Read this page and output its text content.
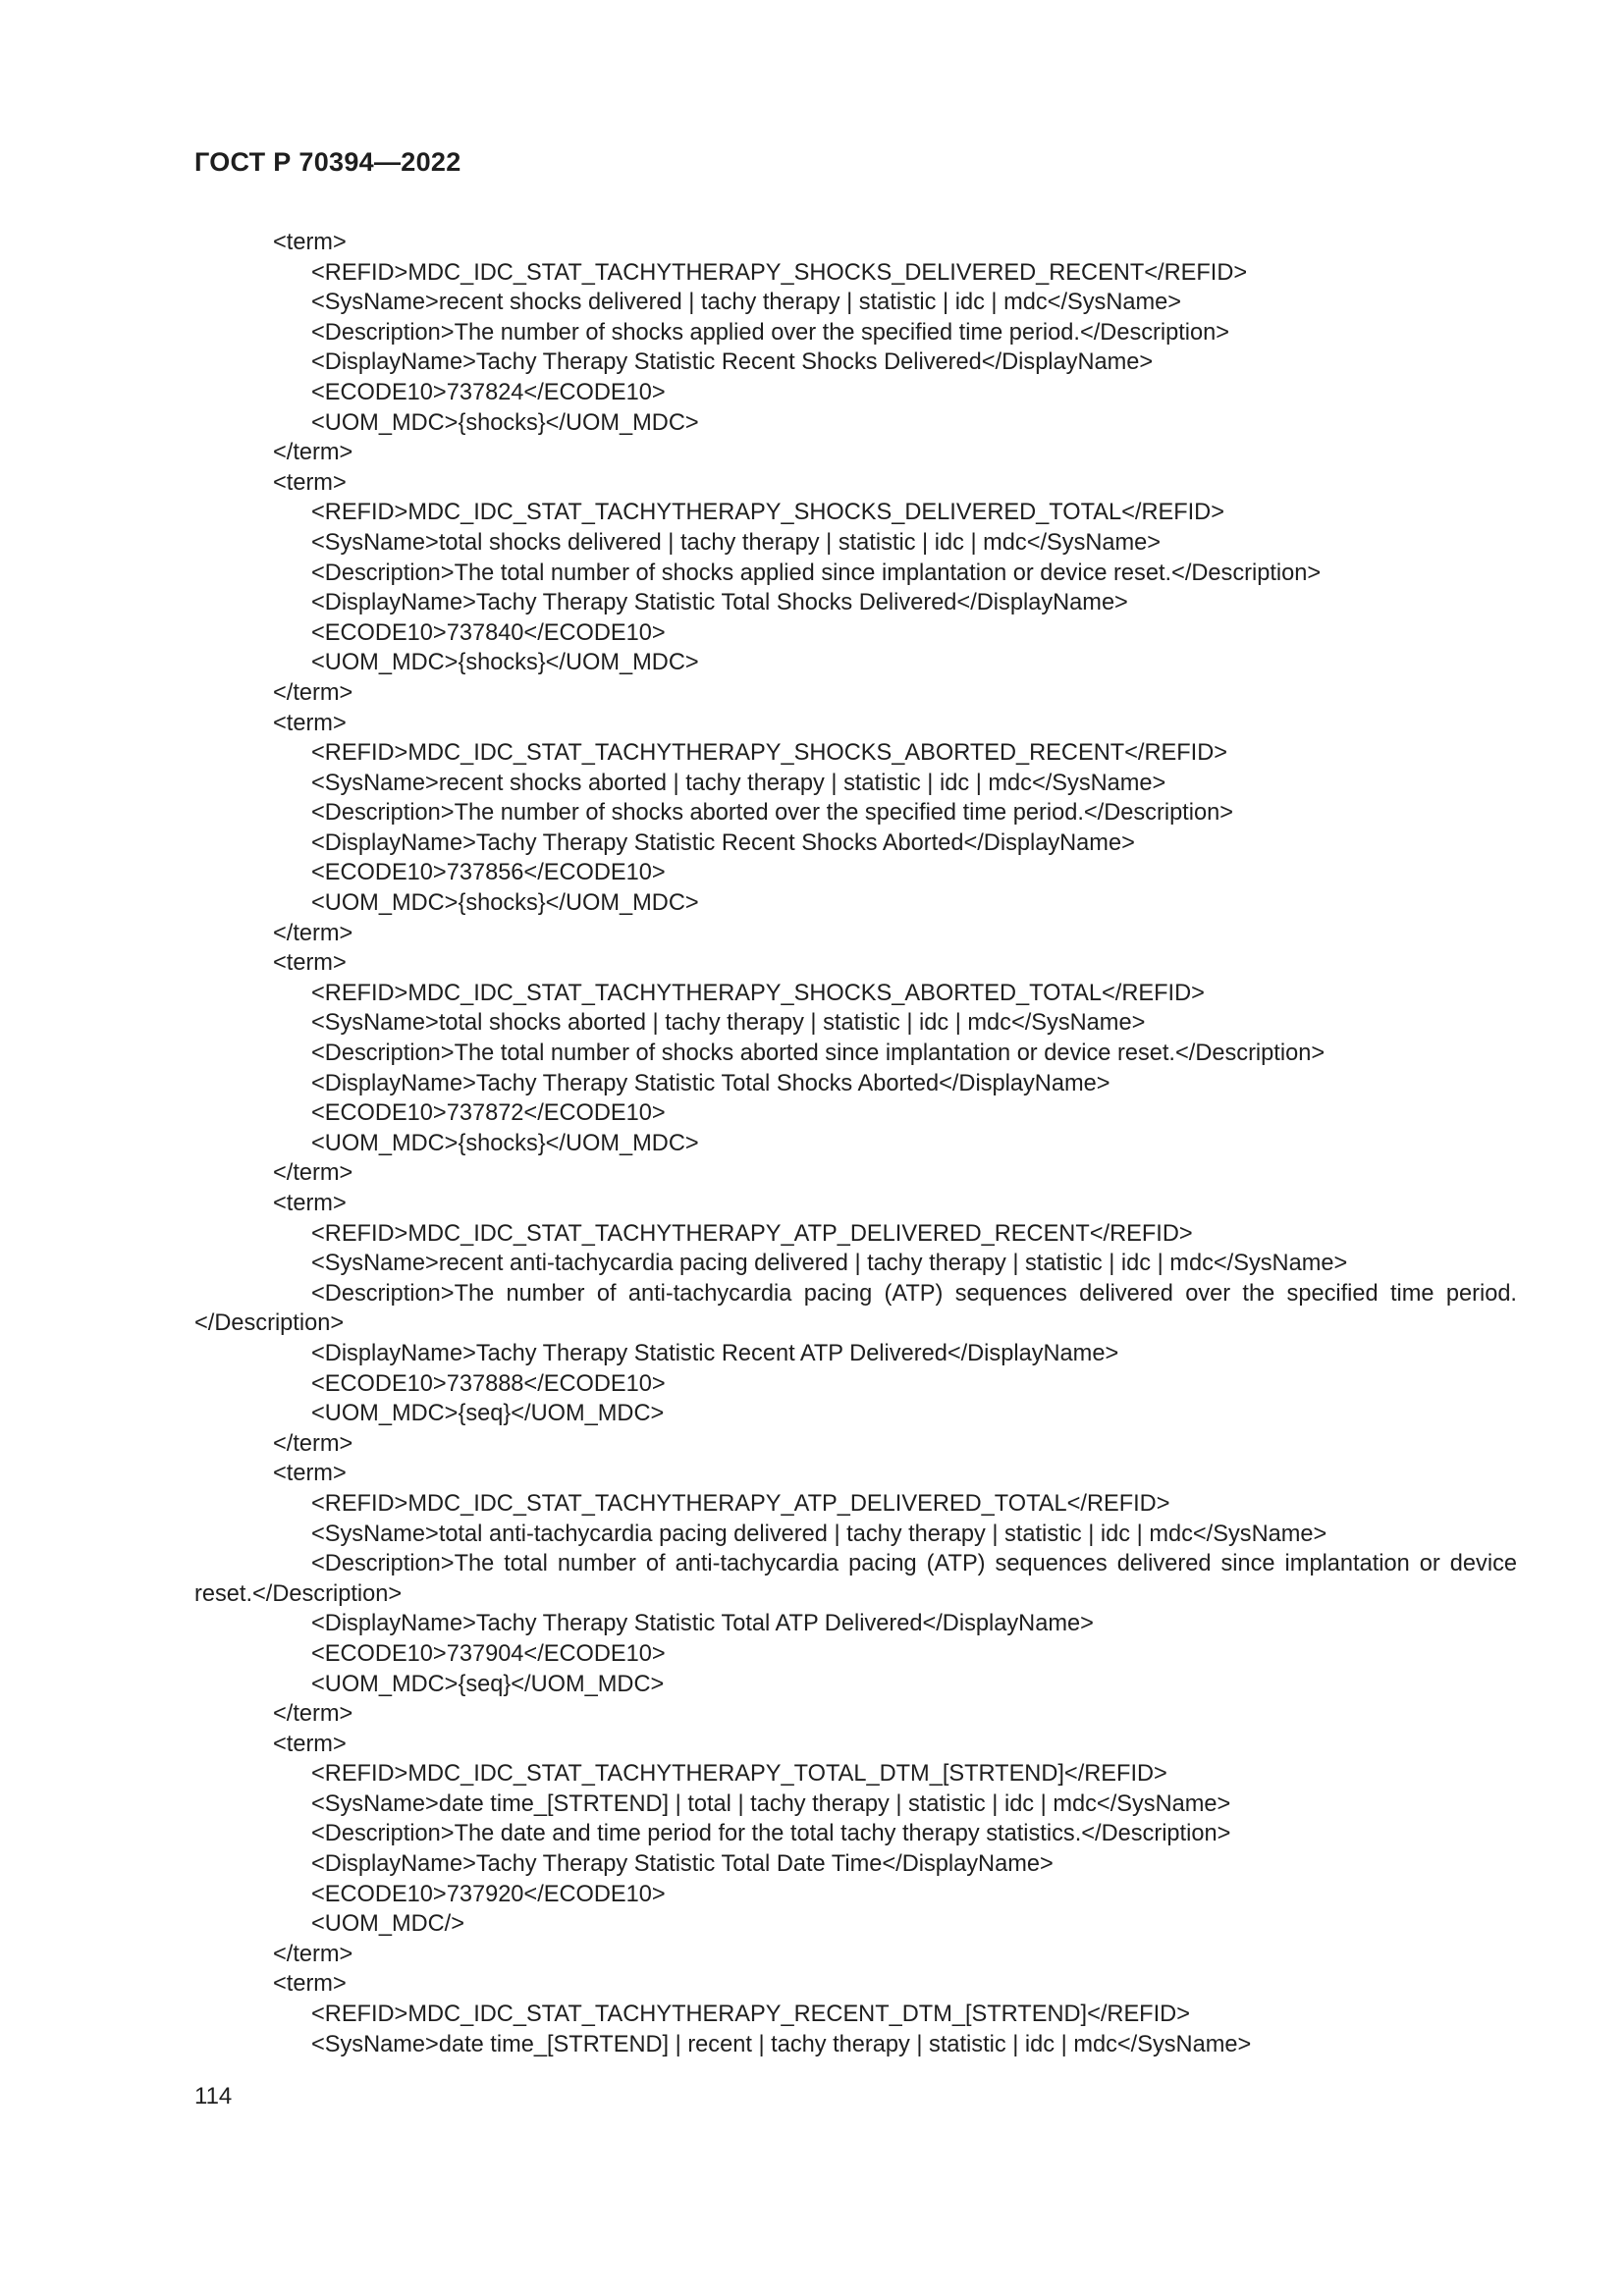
ГОСТ Р 70394—2022
<term>
<REFID>MDC_IDC_STAT_TACHYTHERAPY_SHOCKS_DELIVERED_RECENT</REFID>
<SysName>recent shocks delivered | tachy therapy | statistic | idc | mdc</SysName>
<Description>The number of shocks applied over the specified time period.</Description>
<DisplayName>Tachy Therapy Statistic Recent Shocks Delivered</DisplayName>
<ECODE10>737824</ECODE10>
<UOM_MDC>{shocks}</UOM_MDC>
</term>
<term>
<REFID>MDC_IDC_STAT_TACHYTHERAPY_SHOCKS_DELIVERED_TOTAL</REFID>
<SysName>total shocks delivered | tachy therapy | statistic | idc | mdc</SysName>
<Description>The total number of shocks applied since implantation or device reset.</Description>
<DisplayName>Tachy Therapy Statistic Total Shocks Delivered</DisplayName>
<ECODE10>737840</ECODE10>
<UOM_MDC>{shocks}</UOM_MDC>
</term>
<term>
<REFID>MDC_IDC_STAT_TACHYTHERAPY_SHOCKS_ABORTED_RECENT</REFID>
<SysName>recent shocks aborted | tachy therapy | statistic | idc | mdc</SysName>
<Description>The number of shocks aborted over the specified time period.</Description>
<DisplayName>Tachy Therapy Statistic Recent Shocks Aborted</DisplayName>
<ECODE10>737856</ECODE10>
<UOM_MDC>{shocks}</UOM_MDC>
</term>
<term>
<REFID>MDC_IDC_STAT_TACHYTHERAPY_SHOCKS_ABORTED_TOTAL</REFID>
<SysName>total shocks aborted | tachy therapy | statistic | idc | mdc</SysName>
<Description>The total number of shocks aborted since implantation or device reset.</Description>
<DisplayName>Tachy Therapy Statistic Total Shocks Aborted</DisplayName>
<ECODE10>737872</ECODE10>
<UOM_MDC>{shocks}</UOM_MDC>
</term>
<term>
<REFID>MDC_IDC_STAT_TACHYTHERAPY_ATP_DELIVERED_RECENT</REFID>
<SysName>recent anti-tachycardia pacing delivered | tachy therapy | statistic | idc | mdc</SysName>
<Description>The number of anti-tachycardia pacing (ATP) sequences delivered over the specified time period.</Description>
<DisplayName>Tachy Therapy Statistic Recent ATP Delivered</DisplayName>
<ECODE10>737888</ECODE10>
<UOM_MDC>{seq}</UOM_MDC>
</term>
<term>
<REFID>MDC_IDC_STAT_TACHYTHERAPY_ATP_DELIVERED_TOTAL</REFID>
<SysName>total anti-tachycardia pacing delivered | tachy therapy | statistic | idc | mdc</SysName>
<Description>The total number of anti-tachycardia pacing (ATP) sequences delivered since implantation or device reset.</Description>
<DisplayName>Tachy Therapy Statistic Total ATP Delivered</DisplayName>
<ECODE10>737904</ECODE10>
<UOM_MDC>{seq}</UOM_MDC>
</term>
<term>
<REFID>MDC_IDC_STAT_TACHYTHERAPY_TOTAL_DTM_[STRTEND]</REFID>
<SysName>date time_[STRTEND] | total | tachy therapy | statistic | idc | mdc</SysName>
<Description>The date and time period for the total tachy therapy statistics.</Description>
<DisplayName>Tachy Therapy Statistic Total Date Time</DisplayName>
<ECODE10>737920</ECODE10>
<UOM_MDC/>
</term>
<term>
<REFID>MDC_IDC_STAT_TACHYTHERAPY_RECENT_DTM_[STRTEND]</REFID>
<SysName>date time_[STRTEND] | recent | tachy therapy | statistic | idc | mdc</SysName>
114
